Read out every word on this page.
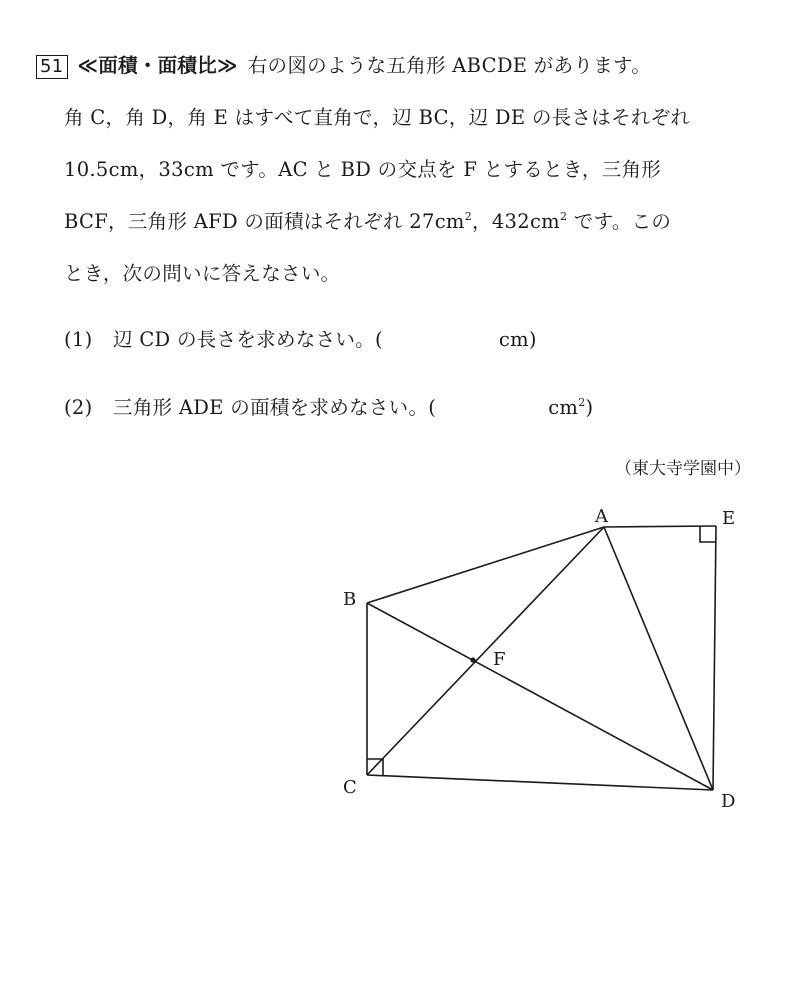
51 ≪面積・面積比≫ 右の図のような五角形 ABCDE があります。
角 C，角 D，角 E はすべて直角で，辺 BC，辺 DE の長さはそれぞれ
10.5cm，33cm です。AC と BD の交点を F とするとき，三角形
BCF，三角形 AFD の面積はそれぞれ $27cm^2$，$432cm^2$ です。この
とき，次の問いに答えなさい。
(1) 辺 CD の長さを求めなさい。(	cm)
(2) 三角形 ADE の面積を求めなさい。(	$cm^2$)
（東大寺学園中）
A	E
B
C
D
F
